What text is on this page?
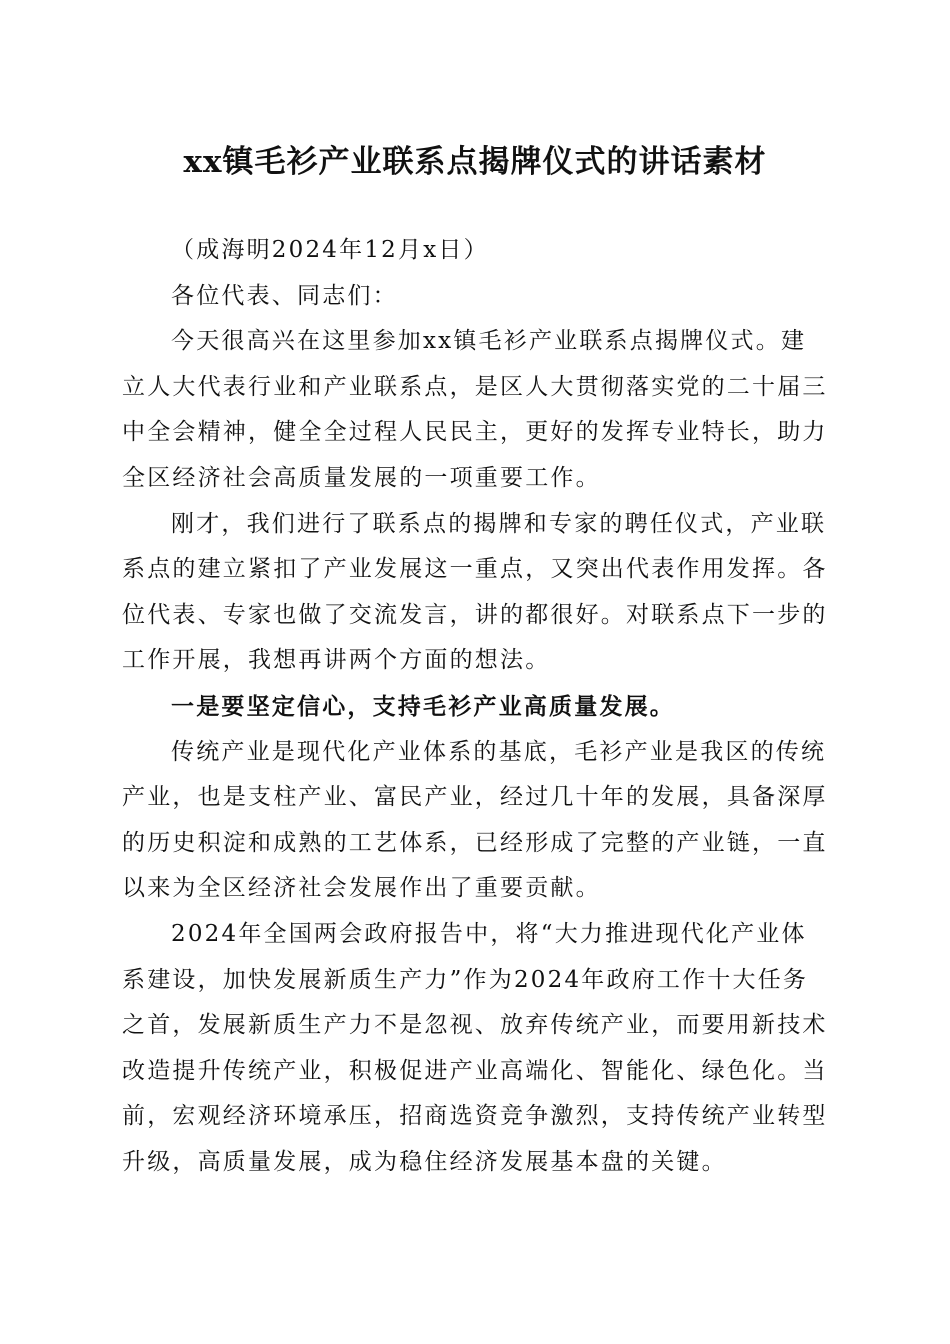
xx镇毛衫产业联系点揭牌仪式的讲话素材

（成海明2024年12月x日）

各位代表、同志们：

今天很高兴在这里参加xx镇毛衫产业联系点揭牌仪式。建立人大代表行业和产业联系点，是区人大贯彻落实党的二十届三中全会精神，健全全过程人民民主，更好的发挥专业特长，助力全区经济社会高质量发展的一项重要工作。

刚才，我们进行了联系点的揭牌和专家的聘任仪式，产业联系点的建立紧扣了产业发展这一重点，又突出代表作用发挥。各位代表、专家也做了交流发言，讲的都很好。对联系点下一步的工作开展，我想再讲两个方面的想法。

一是要坚定信心，支持毛衫产业高质量发展。

传统产业是现代化产业体系的基底，毛衫产业是我区的传统产业，也是支柱产业、富民产业，经过几十年的发展，具备深厚的历史积淀和成熟的工艺体系，已经形成了完整的产业链，一直以来为全区经济社会发展作出了重要贡献。

2024年全国两会政府报告中，将“大力推进现代化产业体系建设，加快发展新质生产力”作为2024年政府工作十大任务之首，发展新质生产力不是忽视、放弃传统产业，而要用新技术改造提升传统产业，积极促进产业高端化、智能化、绿色化。当前，宏观经济环境承压，招商选资竞争激烈，支持传统产业转型升级，高质量发展，成为稳住经济发展基本盘的关键。
